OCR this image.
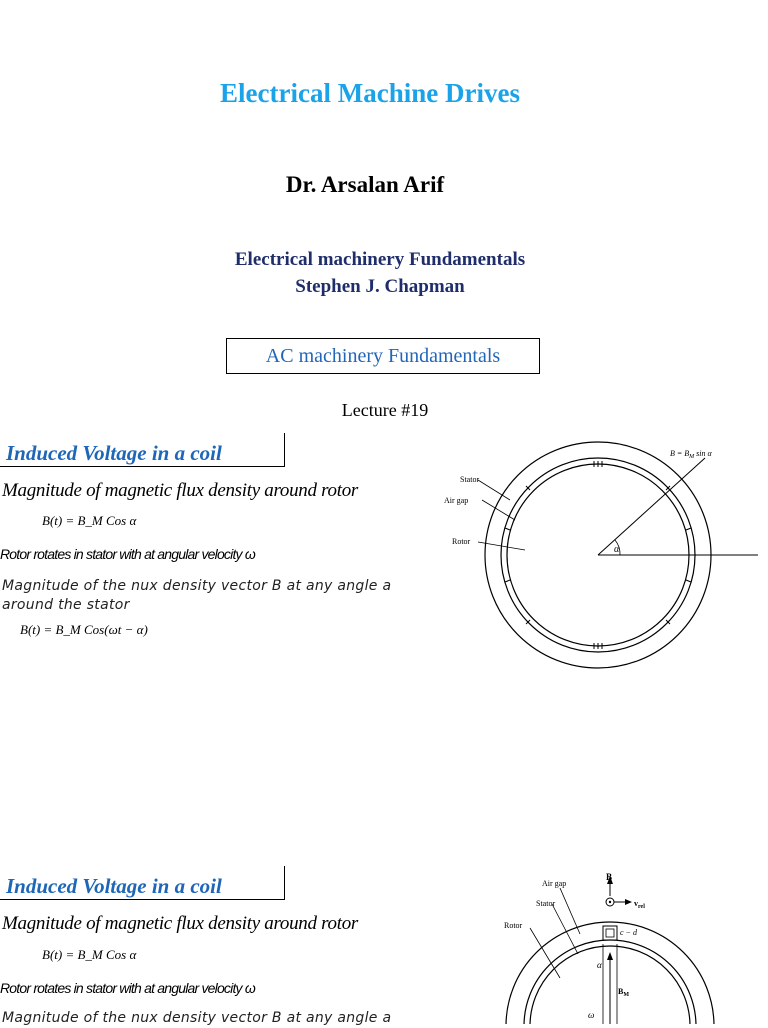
Electrical Machine Drives
Dr. Arsalan Arif
Electrical machinery Fundamentals
Stephen J. Chapman
AC machinery Fundamentals
Lecture #19
Induced Voltage in a coil
Magnitude of magnetic flux density around rotor
B(t) = B_M Cos α
Rotor rotates in stator with at angular velocity ω
Magnitude of the nux density vector B at any angle a
around the stator
B(t) = B_M Cos(ωt − α)
α
Stator
Air gap
Rotor
$B = B_M$ sin α
Induced Voltage in a coil
Magnitude of magnetic flux density around rotor
B(t) = B_M Cos α
Rotor rotates in stator with at angular velocity ω
Magnitude of the nux density vector B at any angle a
B
$v_{rel}$
c − d
α
$B_M$
ω
Air gap
Stator
Rotor
